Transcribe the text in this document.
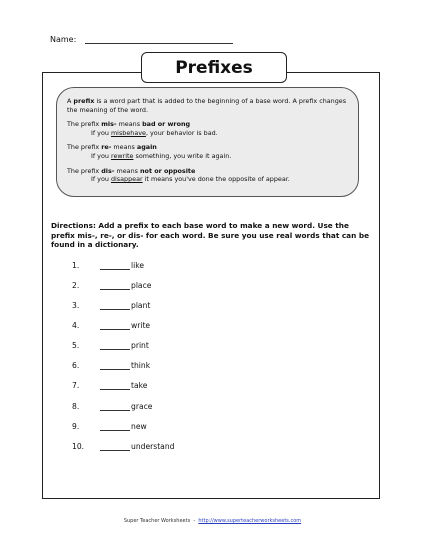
Name:
Prefixes

A prefix is a word part that is added to the beginning of a base word. A prefix changes the meaning of the word.

The prefix mis- means bad or wrong
If you misbehave, your behavior is bad.

The prefix re- means again
If you rewrite something, you write it again.

The prefix dis- means not or opposite
If you disappear it means you've done the opposite of appear.

Directions: Add a prefix to each base word to make a new word. Use the prefix mis-, re-, or dis- for each word. Be sure you use real words that can be found in a dictionary.
1.	like
2.	place
3.	plant
4.	write
5.	print
6.	think
7.	take
8.	grace
9.	new
10.	understand
Super Teacher Worksheets  -  http://www.superteacherworksheets.com
